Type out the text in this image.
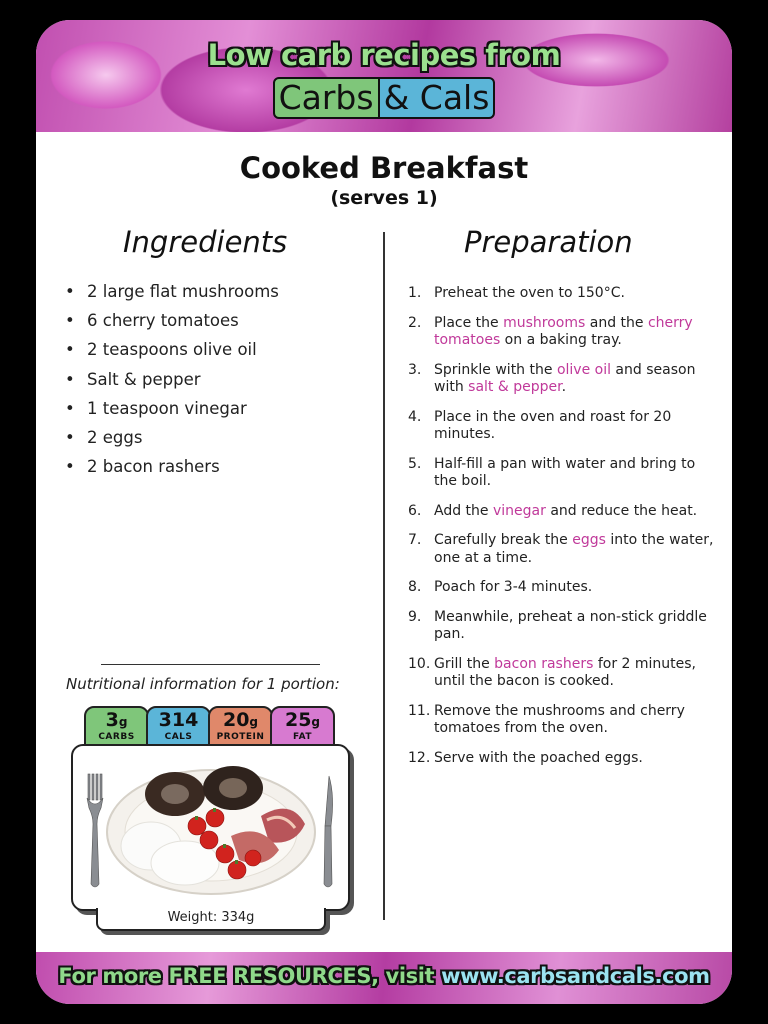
Low carb recipes from
Carbs & Cals
Cooked Breakfast
(serves 1)
Ingredients	Preparation
• 2 large flat mushrooms
• 6 cherry tomatoes
• 2 teaspoons olive oil
• Salt & pepper
• 1 teaspoon vinegar
• 2 eggs
• 2 bacon rashers
1. Preheat the oven to 150°C.
2. Place the mushrooms and the cherry tomatoes on a baking tray.
3. Sprinkle with the olive oil and season with salt & pepper.
4. Place in the oven and roast for 20 minutes.
5. Half-fill a pan with water and bring to the boil.
6. Add the vinegar and reduce the heat.
7. Carefully break the eggs into the water, one at a time.
8. Poach for 3-4 minutes.
9. Meanwhile, preheat a non-stick griddle pan.
10. Grill the bacon rashers for 2 minutes, until the bacon is cooked.
11. Remove the mushrooms and cherry tomatoes from the oven.
12. Serve with the poached eggs.
Nutritional information for 1 portion:
3g
CARBS
314
CALS
20g
PROTEIN
25g
FAT
Weight: 334g
For more FREE RESOURCES, visit www.carbsandcals.com
